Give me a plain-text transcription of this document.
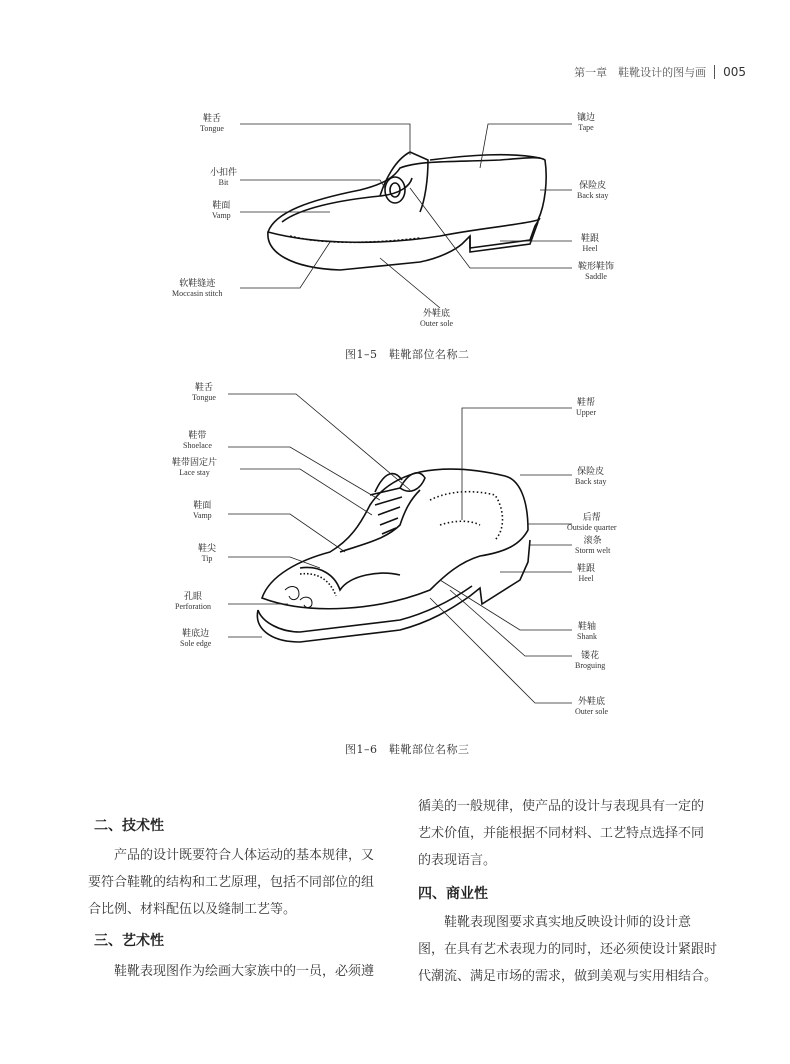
第一章　鞋靴设计的图与画 005
鞋舌
Tongue
小扣件
Bit
鞋面
Vamp
软鞋缝迹
Moccasin stitch
镶边
Tape
保险皮
Back stay
鞋跟
Heel
鞍形鞋饰
Saddle
外鞋底
Outer sole
图1–5　鞋靴部位名称二
鞋舌
Tongue
鞋带
Shoelace
鞋带固定片
Lace stay
鞋面
Vamp
鞋尖
Tip
孔眼
Perforation
鞋底边
Sole edge
鞋帮
Upper
保险皮
Back stay
后帮
Outside quarter
滚条
Storm welt
鞋跟
Heel
鞋轴
Shank
镂花
Broguing
外鞋底
Outer sole
图1–6　鞋靴部位名称三
二、技术性
产品的设计既要符合人体运动的基本规律，又
要符合鞋靴的结构和工艺原理，包括不同部位的组
合比例、材料配伍以及缝制工艺等。
三、艺术性
鞋靴表现图作为绘画大家族中的一员，必须遵
循美的一般规律，使产品的设计与表现具有一定的
艺术价值，并能根据不同材料、工艺特点选择不同
的表现语言。
四、商业性
鞋靴表现图要求真实地反映设计师的设计意
图，在具有艺术表现力的同时，还必须使设计紧跟时
代潮流、满足市场的需求，做到美观与实用相结合。
